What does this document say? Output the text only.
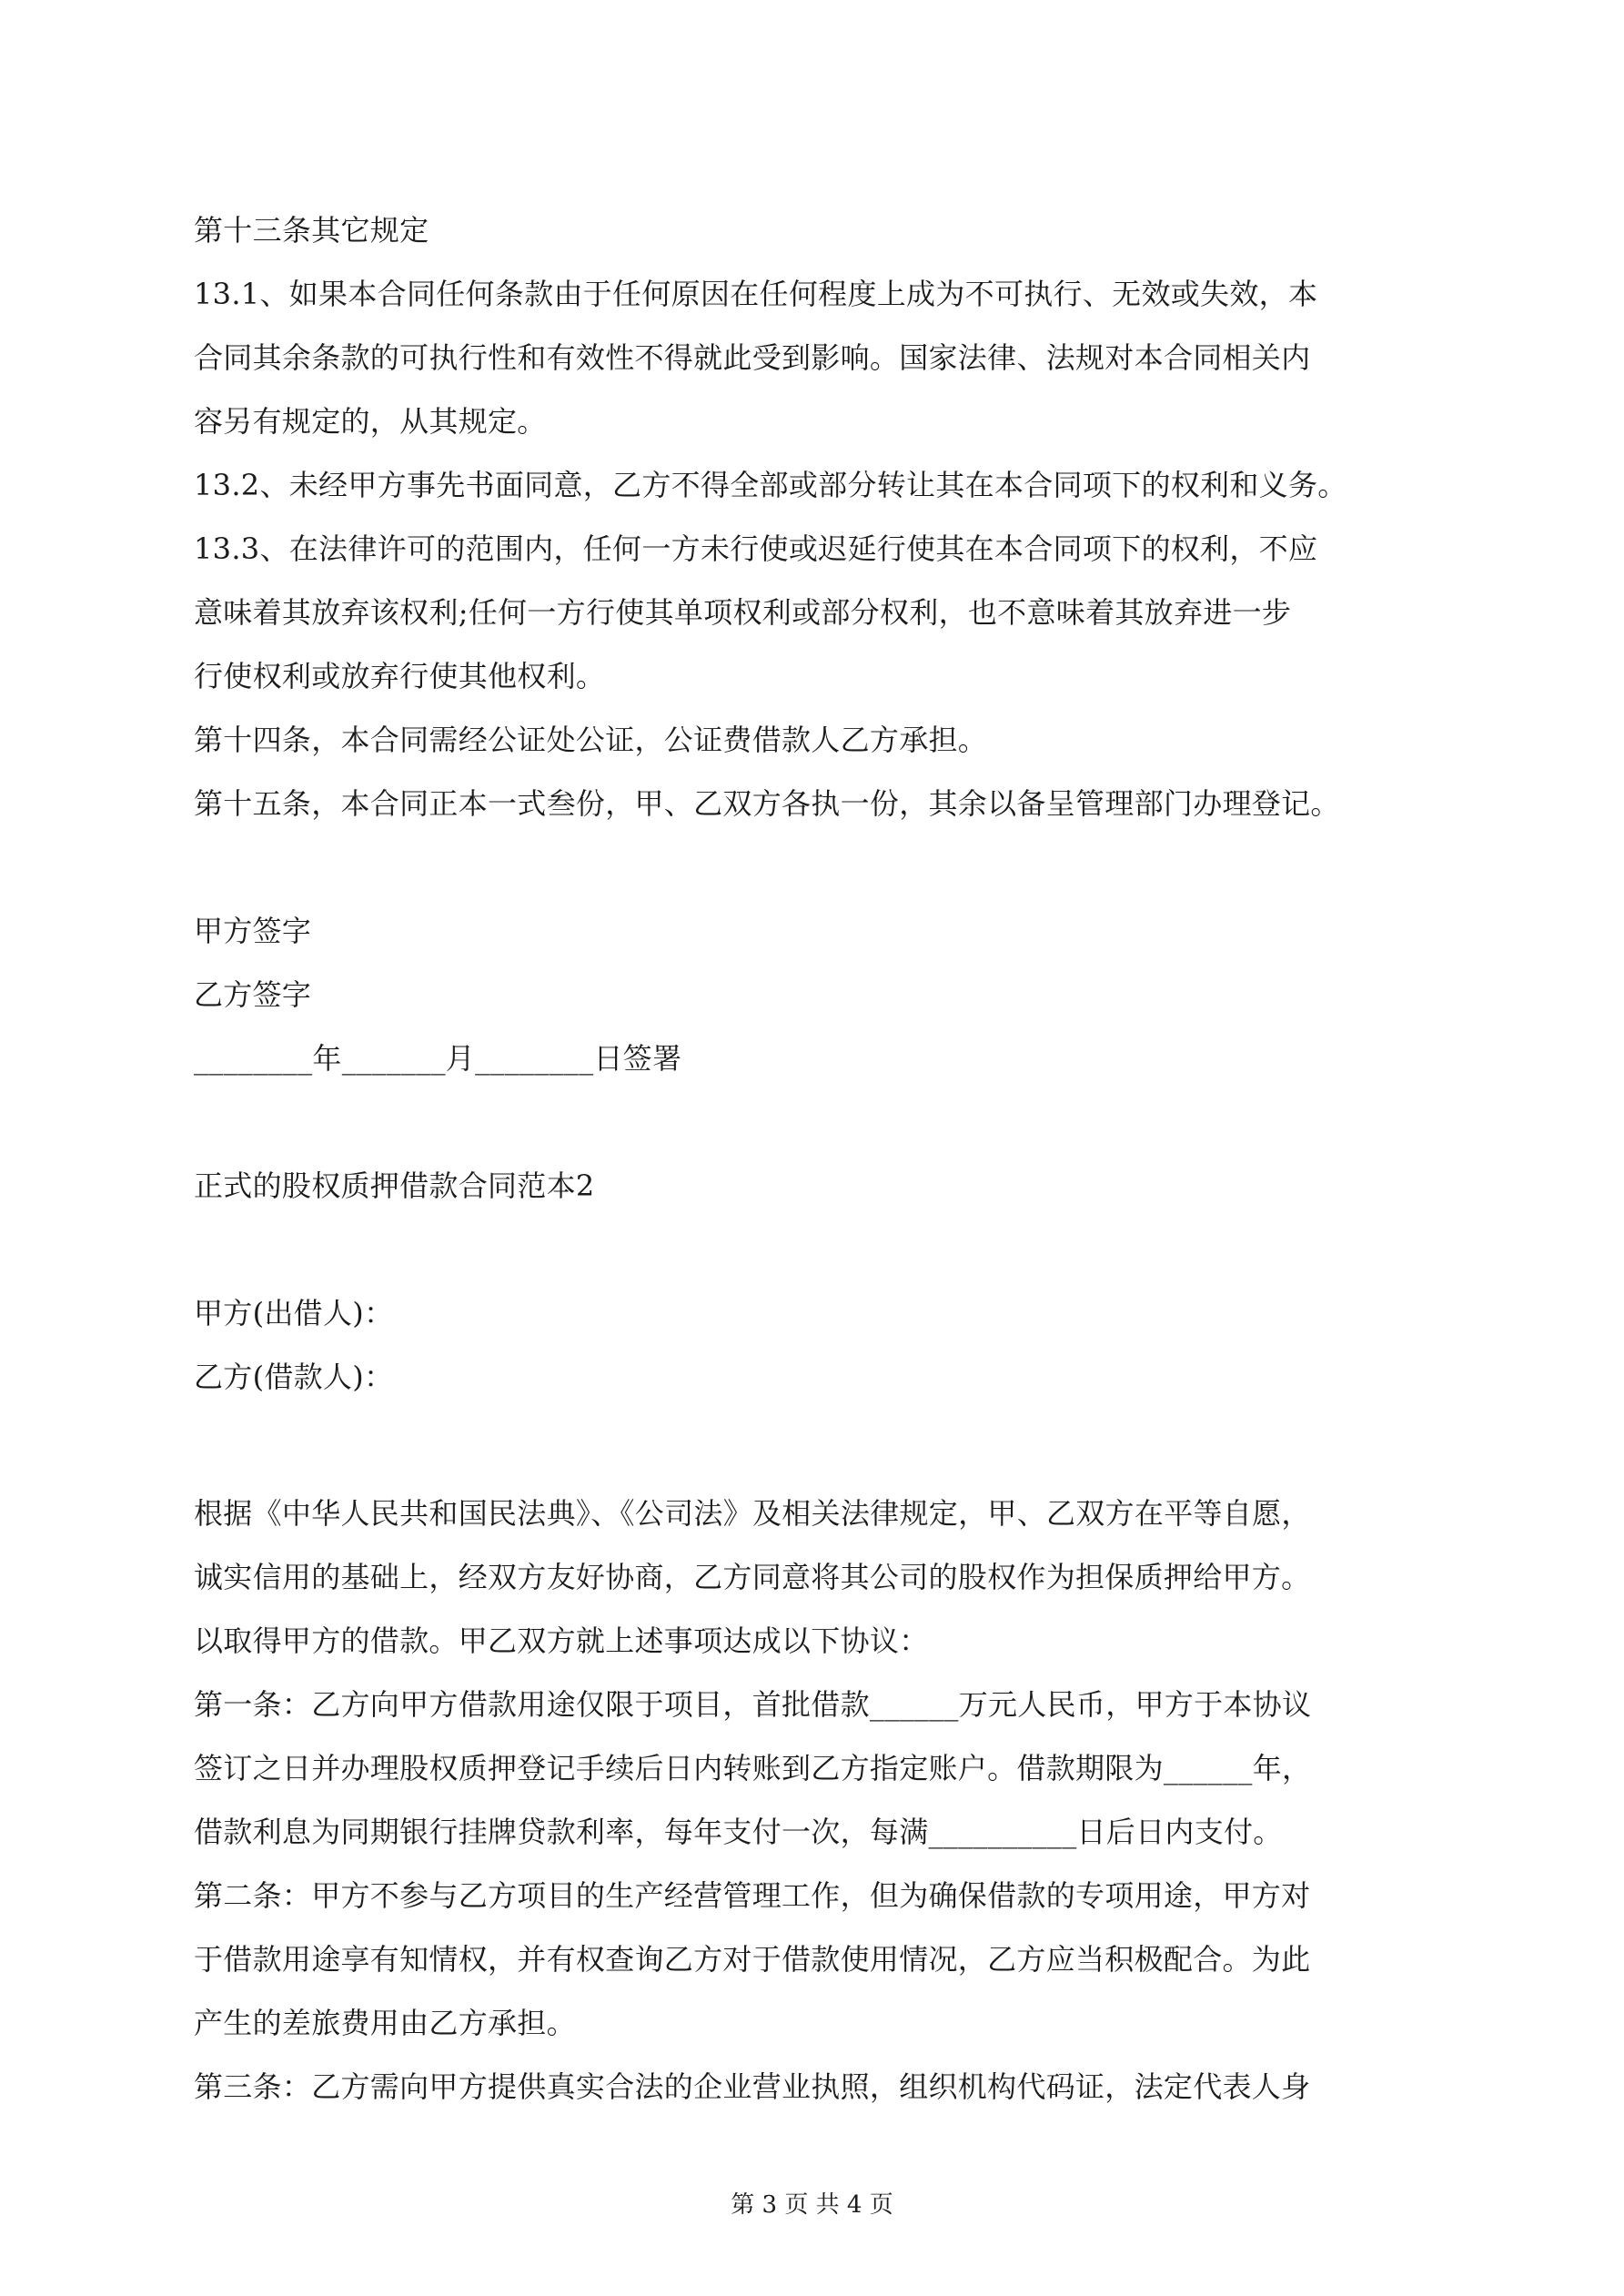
第十三条其它规定
13.1、如果本合同任何条款由于任何原因在任何程度上成为不可执行、无效或失效，本
合同其余条款的可执行性和有效性不得就此受到影响。国家法律、法规对本合同相关内
容另有规定的，从其规定。
13.2、未经甲方事先书面同意，乙方不得全部或部分转让其在本合同项下的权利和义务。
13.3、在法律许可的范围内，任何一方未行使或迟延行使其在本合同项下的权利，不应
意味着其放弃该权利;任何一方行使其单项权利或部分权利，也不意味着其放弃进一步
行使权利或放弃行使其他权利。
第十四条，本合同需经公证处公证，公证费借款人乙方承担。
第十五条，本合同正本一式叁份，甲、乙双方各执一份，其余以备呈管理部门办理登记。
甲方签字
乙方签字
________年_______月________日签署
正式的股权质押借款合同范本2
甲方(出借人)：
乙方(借款人)：
根据《中华人民共和国民法典》、《公司法》及相关法律规定，甲、乙双方在平等自愿，
诚实信用的基础上，经双方友好协商，乙方同意将其公司的股权作为担保质押给甲方。
以取得甲方的借款。甲乙双方就上述事项达成以下协议：
第一条：乙方向甲方借款用途仅限于项目，首批借款______万元人民币，甲方于本协议
签订之日并办理股权质押登记手续后日内转账到乙方指定账户。借款期限为______年，
借款利息为同期银行挂牌贷款利率，每年支付一次，每满__________日后日内支付。
第二条：甲方不参与乙方项目的生产经营管理工作，但为确保借款的专项用途，甲方对
于借款用途享有知情权，并有权查询乙方对于借款使用情况，乙方应当积极配合。为此
产生的差旅费用由乙方承担。
第三条：乙方需向甲方提供真实合法的企业营业执照，组织机构代码证，法定代表人身
第 3 页 共 4 页
